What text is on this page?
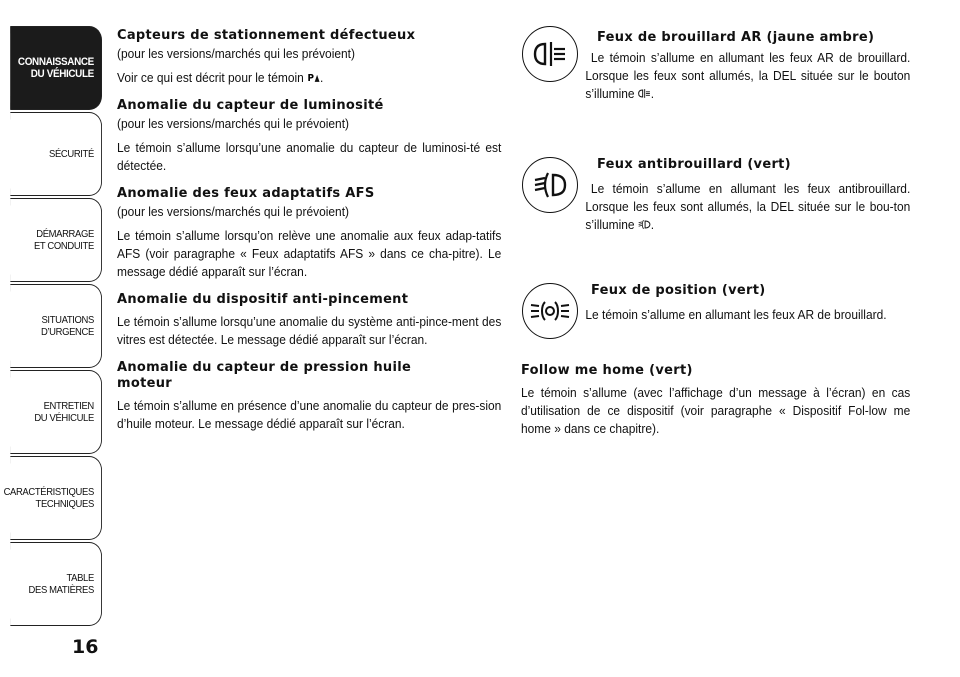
CONNAISSANCE
DU VÉHICULE
SÉCURITÉ
DÉMARRAGE
ET CONDUITE
SITUATIONS
D’URGENCE
ENTRETIEN
DU VÉHICULE
CARACTÉRISTIQUES
TECHNIQUES
TABLE
DES MATIÈRES
16
Capteurs de stationnement défectueux

(pour les versions/marchés qui les prévoient)

Voir ce qui est décrit pour le témoin P .

Anomalie du capteur de luminosité

(pour les versions/marchés qui le prévoient)

Le témoin s’allume lorsqu’une anomalie du capteur de luminosi-té est détectée.

Anomalie des feux adaptatifs AFS

(pour les versions/marchés qui le prévoient)

Le témoin s’allume lorsqu’on relève une anomalie aux feux adap-tatifs AFS (voir paragraphe « Feux adaptatifs AFS » dans ce cha-pitre). Le message dédié apparaît sur l’écran.

Anomalie du dispositif anti-pincement

Le témoin s’allume lorsqu’une anomalie du système anti-pince-ment des vitres est détectée. Le message dédié apparaît sur l’écran.

Anomalie du capteur de pression huile moteur

Le témoin s’allume en présence d’une anomalie du capteur de pres-sion d’huile moteur. Le message dédié apparaît sur l’écran.

Feux de brouillard AR (jaune ambre)

Le témoin s’allume en allumant les feux AR de brouillard. Lorsque les feux sont allumés, la DEL située sur le bouton s’illumine .

Feux antibrouillard (vert)

Le témoin s’allume en allumant les feux antibrouillard. Lorsque les feux sont allumés, la DEL située sur le bou-ton s’illumine .

Feux de position (vert)

Le témoin s’allume en allumant les feux AR de brouillard.

Follow me home (vert)

Le témoin s’allume (avec l’affichage d’un message à l’écran) en cas d’utilisation de ce dispositif (voir paragraphe « Dispositif Fol-low me home » dans ce chapitre).
